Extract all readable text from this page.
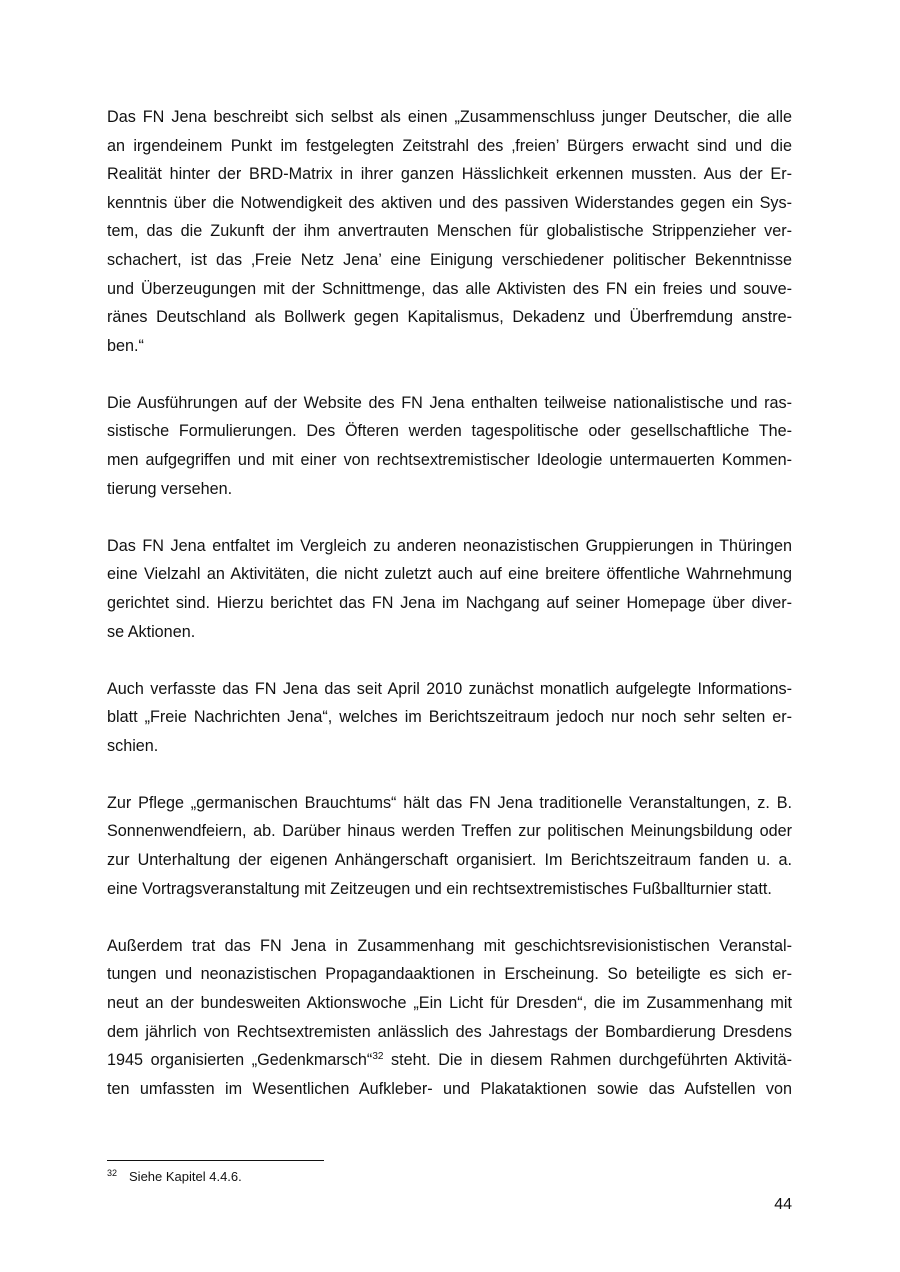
Das FN Jena beschreibt sich selbst als einen „Zusammenschluss junger Deutscher, die alle
an irgendeinem Punkt im festgelegten Zeitstrahl des ‚freien’ Bürgers erwacht sind und die
Realität hinter der BRD-Matrix in ihrer ganzen Hässlichkeit erkennen mussten. Aus der Er-
kenntnis über die Notwendigkeit des aktiven und des passiven Widerstandes gegen ein Sys-
tem, das die Zukunft der ihm anvertrauten Menschen für globalistische Strippenzieher ver-
schachert, ist das ‚Freie Netz Jena’ eine Einigung verschiedener politischer Bekenntnisse
und Überzeugungen mit der Schnittmenge, das alle Aktivisten des FN ein freies und souve-
ränes Deutschland als Bollwerk gegen Kapitalismus, Dekadenz und Überfremdung anstre-
ben.“

Die Ausführungen auf der Website des FN Jena enthalten teilweise nationalistische und ras-
sistische Formulierungen. Des Öfteren werden tagespolitische oder gesellschaftliche The-
men aufgegriffen und mit einer von rechtsextremistischer Ideologie untermauerten Kommen-
tierung versehen.

Das FN Jena entfaltet im Vergleich zu anderen neonazistischen Gruppierungen in Thüringen
eine Vielzahl an Aktivitäten, die nicht zuletzt auch auf eine breitere öffentliche Wahrnehmung
gerichtet sind. Hierzu berichtet das FN Jena im Nachgang auf seiner Homepage über diver-
se Aktionen.

Auch verfasste das FN Jena das seit April 2010 zunächst monatlich aufgelegte Informations-
blatt „Freie Nachrichten Jena“, welches im Berichtszeitraum jedoch nur noch sehr selten er-
schien.

Zur Pflege „germanischen Brauchtums“ hält das FN Jena traditionelle Veranstaltungen, z. B.
Sonnenwendfeiern, ab. Darüber hinaus werden Treffen zur politischen Meinungsbildung oder
zur Unterhaltung der eigenen Anhängerschaft organisiert. Im Berichtszeitraum fanden u. a.
eine Vortragsveranstaltung mit Zeitzeugen und ein rechtsextremistisches Fußballturnier statt.

Außerdem trat das FN Jena in Zusammenhang mit geschichtsrevisionistischen Veranstal-
tungen und neonazistischen Propagandaaktionen in Erscheinung. So beteiligte es sich er-
neut an der bundesweiten Aktionswoche „Ein Licht für Dresden“, die im Zusammenhang mit
dem jährlich von Rechtsextremisten anlässlich des Jahrestags der Bombardierung Dresdens
1945 organisierten „Gedenkmarsch“$^{32}$ steht. Die in diesem Rahmen durchgeführten Aktivitä-
ten umfassten im Wesentlichen Aufkleber- und Plakataktionen sowie das Aufstellen von

$^{32}$ Siehe Kapitel 4.4.6.
44
